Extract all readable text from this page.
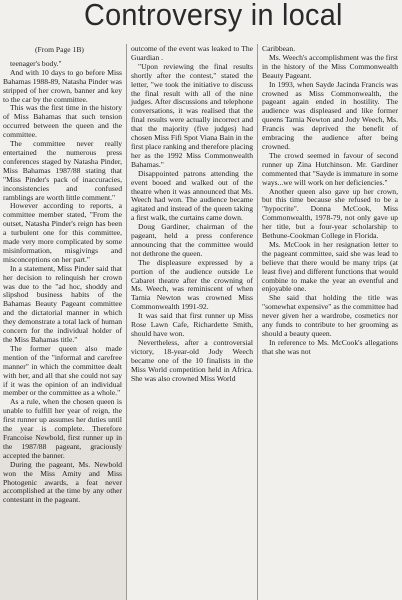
Controversy in local

(From Page 1B)

teenager's body."

And with 10 days to go before Miss Bahamas 1988-89, Natasha Pinder was stripped of her crown, banner and key to the car by the committee.

This was the first time in the history of Miss Bahamas that such tension occurred between the queen and the committee.

The committee never really entertained the numerous press conferences staged by Natasha Pinder, Miss Bahamas 1987/88 stating that "Miss Pinder's pack of inaccuracies, inconsistencies and confused ramblings are worth little comment."

However according to reports, a committee member stated, "From the outset, Natasha Pinder's reign has been a turbulent one for this committee, made very more complicated by some misinformation, misgivings and misconceptions on her part."

In a statement, Miss Pinder said that her decision to relinquish her crown was due to the "ad hoc, shoddy and slipshod business habits of the Bahamas Beauty Pageant committee and the dictatorial manner in which they demonstrate a total lack of human concern for the individual holder of the Miss Bahamas title."

The former queen also made mention of the "informal and carefree manner" in which the committee dealt with her, and all that she could not say if it was the opinion of an individual member or the committee as a whole."

As a rule, when the chosen queen is unable to fulfill her year of reign, the first runner up assumes her duties until the year is complete. Therefore Francoise Newbold, first runner up in the 1987/88 pageant, graciously accepted the banner.

During the pageant, Ms. Newbold won the Miss Amity and Miss Photogenic awards, a feat never accomplished at the time by any other contestant in the pageant.

outcome of the event was leaked to The Guardian .

"Upon reviewing the final results shortly after the contest," stated the letter, "we took the initiative to discuss the final result with all of the nine judges. After discussions and telephone conversations, it was realised that the final results were actually incorrect and that the majority (five judges) had chosen Miss Fifi Spot Viana Bain in the first place ranking and therefore placing her as the 1992 Miss Commonwealth Bahamas."

Disappointed patrons attending the event booed and walked out of the theatre when it was announced that Ms. Weech had won. The audience became agitated and instead of the queen taking a first walk, the curtains came down.

Doug Gardiner, chairman of the pageant, held a press conference announcing that the committee would not dethrone the queen.

The displeasure expressed by a portion of the audience outside Le Cabaret theatre after the crowning of Ms. Weech, was reminiscent of when Tarnia Newton was crowned Miss Commonwealth 1991-92.

It was said that first runner up Miss Rose Lawn Cafe, Richardette Smith, should have won.

Nevertheless, after a controversial victory, 18-year-old Jody Weech became one of the 10 finalists in the Miss World competition held in Africa. She was also crowned Miss World

Caribbean.

Ms. Weech's accomplishment was the first in the history of the Miss Commonwealth Beauty Pageant.

In 1993, when Sayde Jacinda Francis was crowned as Miss Commonwealth, the pageant again ended in hostility. The audience was displeased and like former queens Tarnia Newton and Jody Weech, Ms. Francis was deprived the benefit of embracing the audience after being crowned.

The crowd seemed in favour of second runner up Zina Hutchinson. Mr. Gardiner commented that "Sayde is immature in some ways...we will work on her deficiencies."

Another queen also gave up her crown, but this time because she refused to be a "hypocrite". Donna McCook, Miss Commonwealth, 1978-79, not only gave up her title, but a four-year scholarship to Bethune-Cookman College in Florida.

Ms. McCook in her resignation letter to the pageant committee, said she was lead to believe that there would be many trips (at least five) and different functions that would combine to make the year an eventful and enjoyable one.

She said that holding the title was "somewhat expensive" as the committee had never given her a wardrobe, cosmetics nor any funds to contribute to her grooming as should a beauty queen.

In reference to Ms. McCook's allegations that she was not
